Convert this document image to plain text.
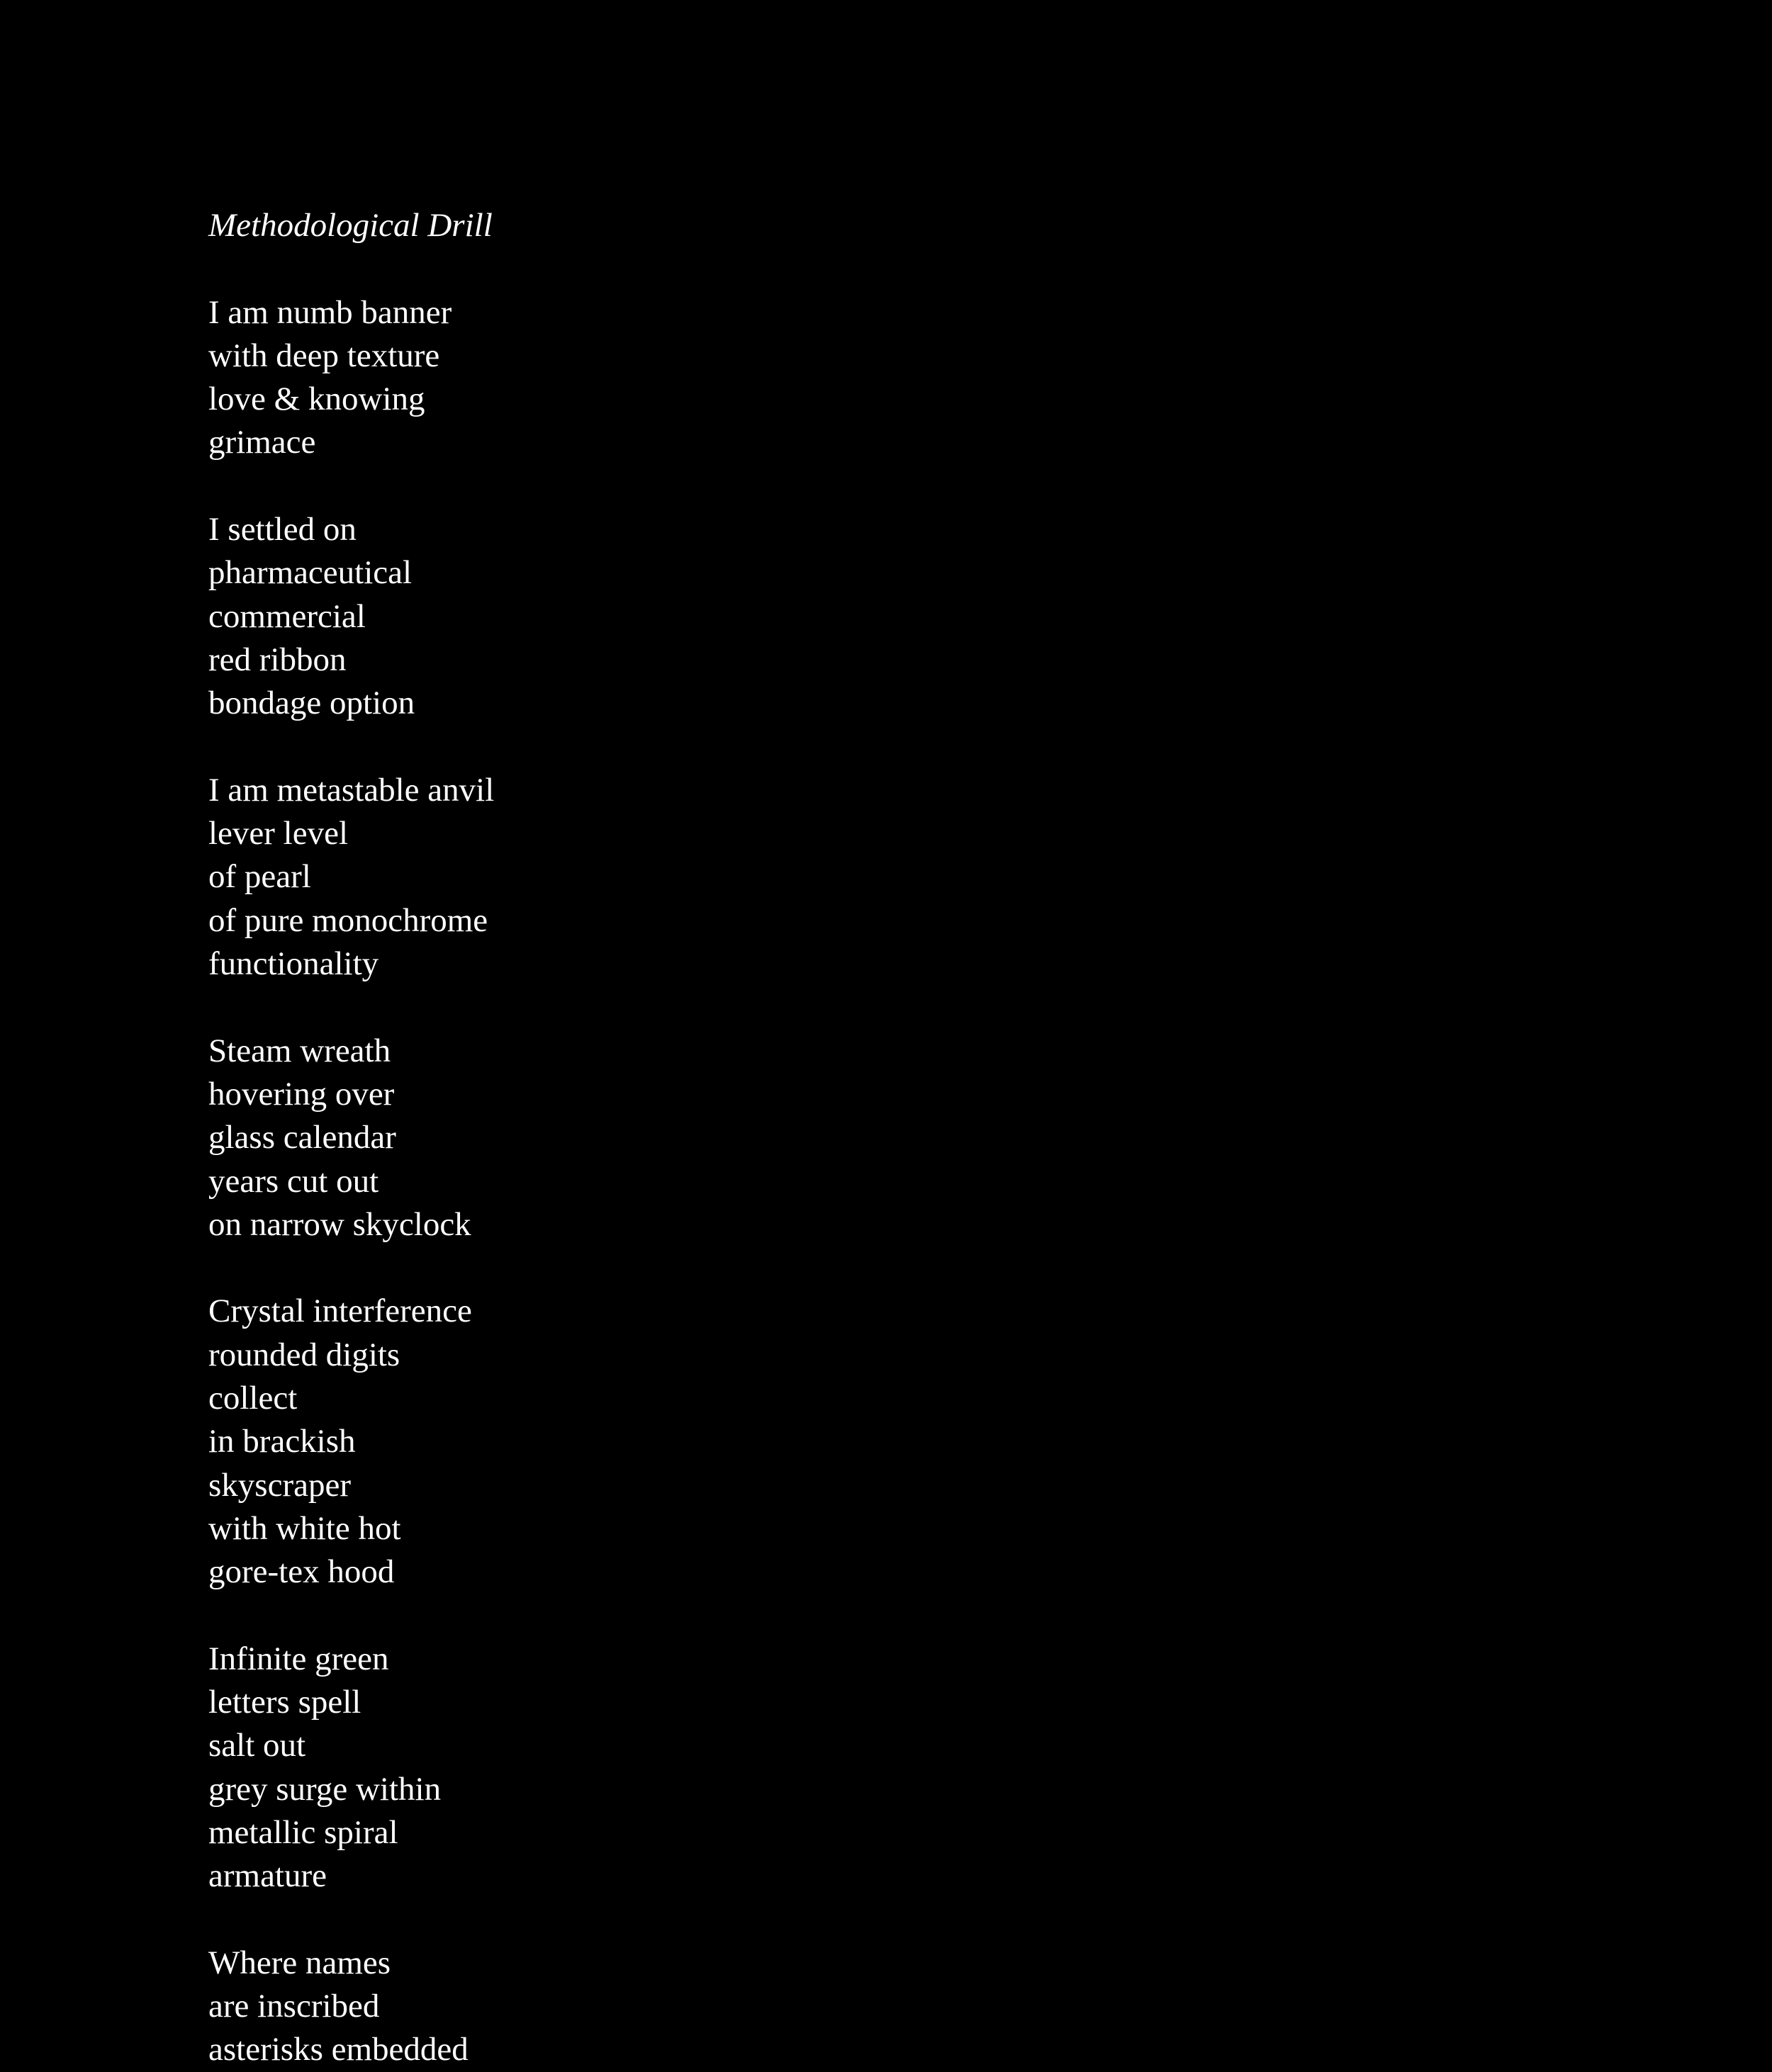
Methodological Drill
I am numb banner
with deep texture
love & knowing
grimace
I settled on
pharmaceutical
commercial
red ribbon
bondage option
I am metastable anvil
lever level
of pearl
of pure monochrome
functionality
Steam wreath
hovering over
glass calendar
years cut out
on narrow skyclock
Crystal interference
rounded digits
collect
in brackish
skyscraper
with white hot
gore-tex hood
Infinite green
letters spell
salt out
grey surge within
metallic spiral
armature
Where names
are inscribed
asterisks embedded
